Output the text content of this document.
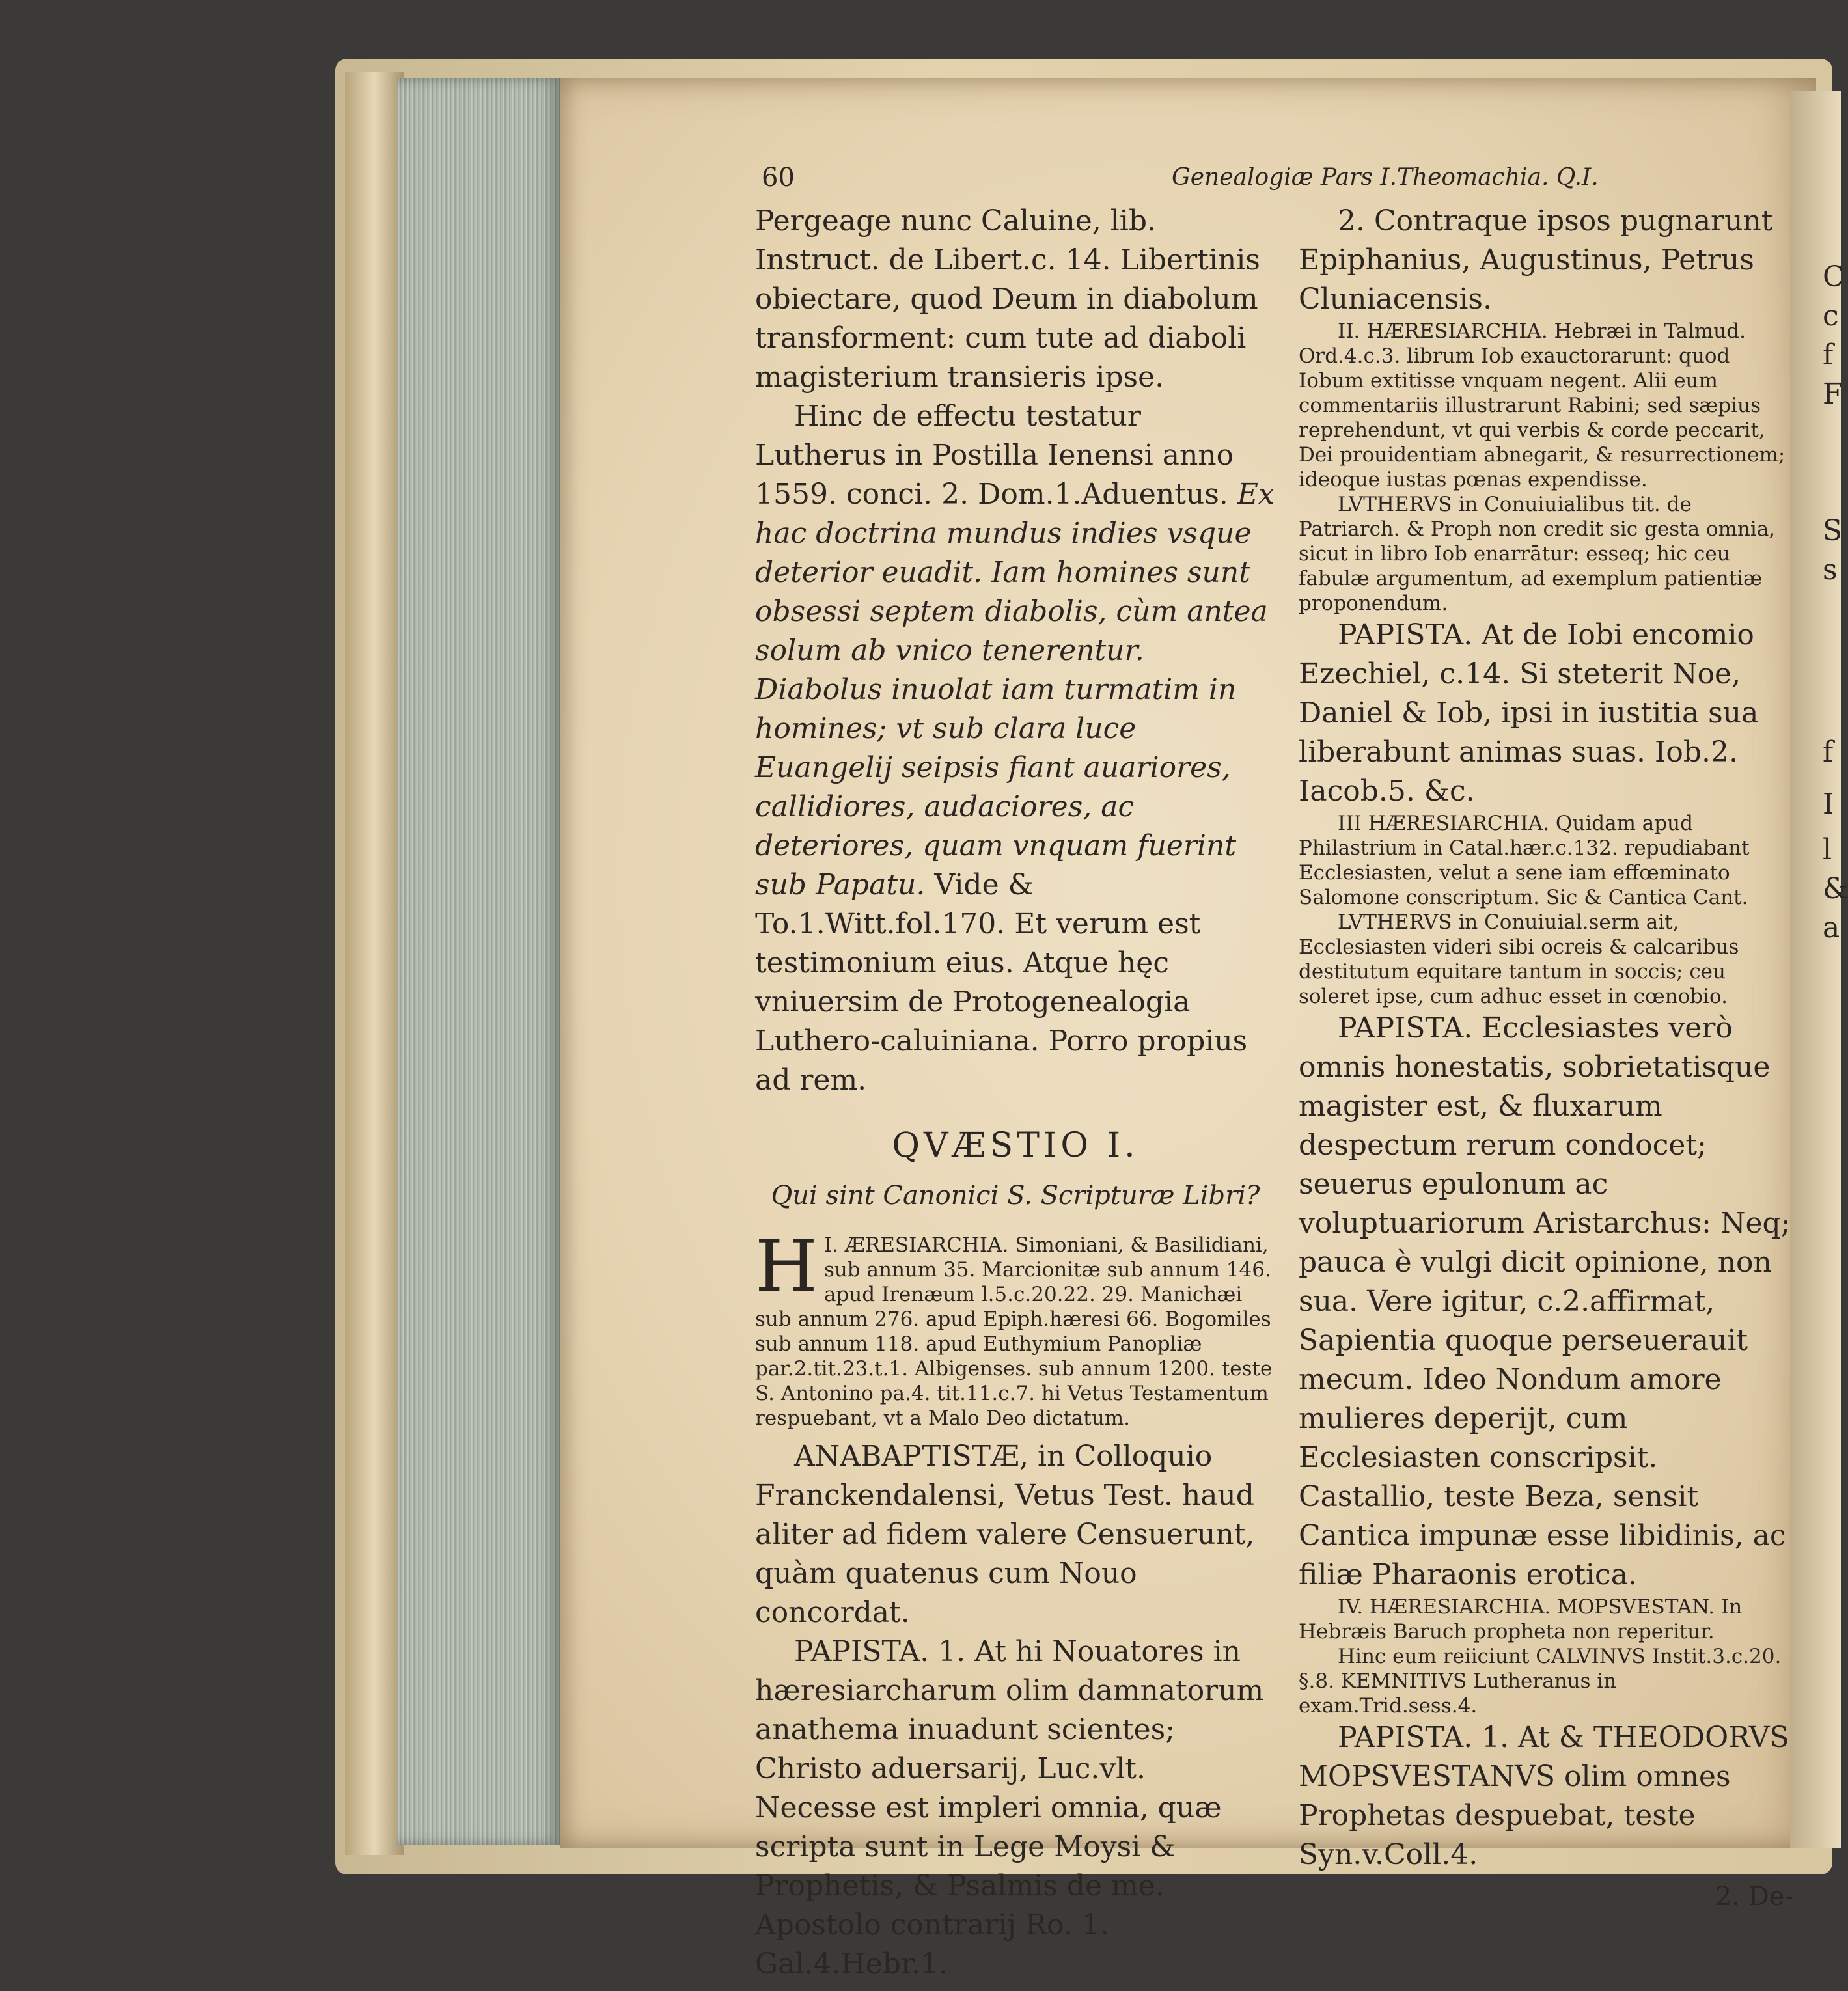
C
c
f
F
S
s
f
I
l
&
a
60	Genealogiæ Pars I.Theomachia. Q.I.

Pergeage nunc Caluine, lib. Instruct. de Libert.c. 14. Libertinis obiectare, quod Deum in diabolum transforment: cum tute ad diaboli magisterium transieris ipse.

Hinc de effectu testatur Lutherus in Postilla Ienensi anno 1559. conci. 2. Dom.1.Aduentus. Ex hac doctrina mundus indies vsque deterior euadit. Iam homines sunt obsessi septem diabolis, cùm antea solum ab vnico tenerentur. Diabolus inuolat iam turmatim in homines; vt sub clara luce Euangelij seipsis fiant auariores, callidiores, audaciores, ac deteriores, quam vnquam fuerint sub Papatu. Vide & To.1.Witt.fol.170. Et verum est testimonium eius. Atque hęc vniuersim de Protogenealogia Luthero-caluiniana. Porro propius ad rem.

QVÆSTIO I.
Qui sint Canonici S. Scripturæ Libri?
I.
H ÆRESIARCHIA. Simoniani, & Basilidiani, sub annum 35. Marcionitæ sub annum 146. apud Irenæum l.5.c.20.22. 29. Manichæi sub annum 276. apud Epiph.hæresi 66. Bogomiles sub annum 118. apud Euthymium Panopliæ par.2.tit.23.t.1. Albigenses. sub annum 1200. teste S. Antonino pa.4. tit.11.c.7. hi Vetus Testamentum respuebant, vt a Malo Deo dictatum.

ANABAPTISTÆ, in Colloquio Franckendalensi, Vetus Test. haud aliter ad fidem valere Censuerunt, quàm quatenus cum Nouo concordat.

PAPISTA. 1. At hi Nouatores in hæresiarcharum olim damnatorum anathema inuadunt scientes; Christo aduersarij, Luc.vlt. Necesse est impleri omnia, quæ scripta sunt in Lege Moysi & Prophetis, & Psalmis de me. Apostolo contrarij Ro. 1. Gal.4.Hebr.1.

2. Contraque ipsos pugnarunt Epiphanius, Augustinus, Petrus Cluniacensis.

II. HÆRESIARCHIA. Hebræi in Talmud. Ord.4.c.3. librum Iob exauctorarunt: quod Iobum extitisse vnquam negent. Alii eum commentariis illustrarunt Rabini; sed sæpius reprehendunt, vt qui verbis & corde peccarit, Dei prouidentiam abnegarit, & resurrectionem; ideoque iustas pœnas expendisse.

LVTHERVS in Conuiuialibus tit. de Patriarch. & Proph non credit sic gesta omnia, sicut in libro Iob enarrātur: esseq; hic ceu fabulæ argumentum, ad exemplum patientiæ proponendum.

PAPISTA. At de Iobi encomio Ezechiel, c.14. Si steterit Noe, Daniel & Iob, ipsi in iustitia sua liberabunt animas suas. Iob.2. Iacob.5. &c.

III HÆRESIARCHIA. Quidam apud Philastrium in Catal.hær.c.132. repudiabant Ecclesiasten, velut a sene iam effœminato Salomone conscriptum. Sic & Cantica Cant.

LVTHERVS in Conuiuial.serm ait, Ecclesiasten videri sibi ocreis & calcaribus destitutum equitare tantum in soccis; ceu soleret ipse, cum adhuc esset in cœnobio.

PAPISTA. Ecclesiastes verò omnis honestatis, sobrietatisque magister est, & fluxarum despectum rerum condocet; seuerus epulonum ac voluptuariorum Aristarchus: Neq; pauca è vulgi dicit opinione, non sua. Vere igitur, c.2.affirmat, Sapientia quoque perseuerauit mecum. Ideo Nondum amore mulieres deperijt, cum Ecclesiasten conscripsit. Castallio, teste Beza, sensit Cantica impunæ esse libidinis, ac filiæ Pharaonis erotica.

IV. HÆRESIARCHIA. MOPSVESTAN. In Hebræis Baruch propheta non reperitur.

Hinc eum reiiciunt CALVINVS Instit.3.c.20. §.8. KEMNITIVS Lutheranus in exam.Trid.sess.4.

PAPISTA. 1. At & THEODORVS MOPSVESTANVS olim omnes Prophetas despuebat, teste Syn.v.Coll.4.

2. De-
